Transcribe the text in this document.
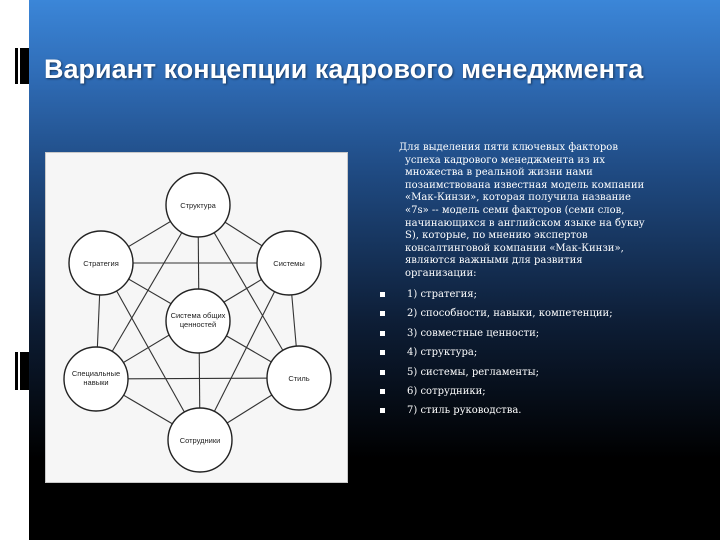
Вариант концепции кадрового менеджмента
Структура
Системы
Стиль
Сотрудники
Стратегия
Специальные
навыки
Система общих
ценностей
Для выделения пяти ключевых факторов успеха кадрового менеджмента из их множества в реальной жизни нами позаимствована известная модель компании «Мак-Кинзи», которая получила название «7s» -- модель семи факторов (семи слов, начинающихся в английском языке на букву S), которые, по мнению экспертов консалтинговой компании «Мак-Кинзи», являются важными для развития организации:
1) стратегия;
2) способности, навыки, компетенции;
3) совместные ценности;
4) структура;
5) системы, регламенты;
6) сотрудники;
7) стиль руководства.
